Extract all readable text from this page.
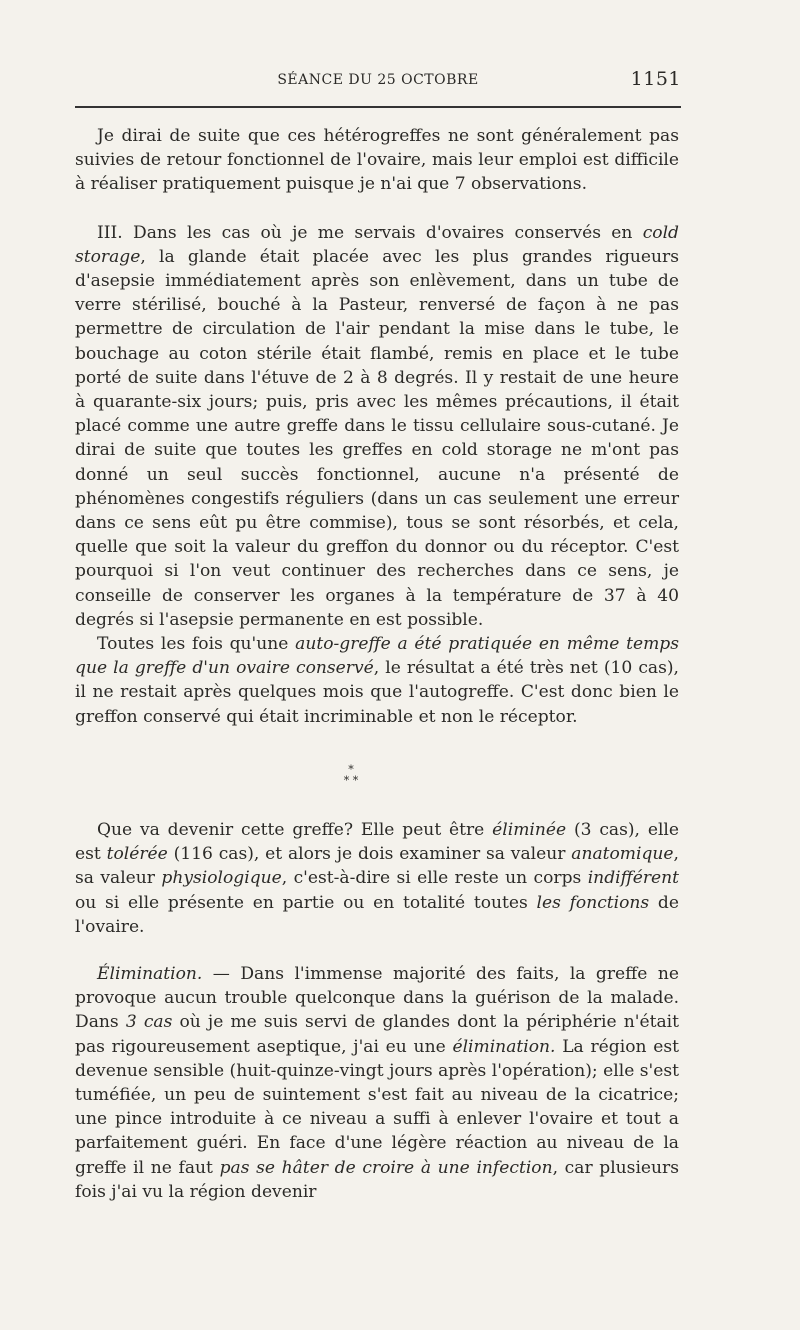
SÉANCE DU 25 OCTOBRE	1151

Je dirai de suite que ces hétérogreffes ne sont généralement pas suivies de retour fonctionnel de l'ovaire, mais leur emploi est difficile à réaliser pratiquement puisque je n'ai que 7 observations.

III. Dans les cas où je me servais d'ovaires conservés en cold storage, la glande était placée avec les plus grandes rigueurs d'asepsie immédiatement après son enlèvement, dans un tube de verre stérilisé, bouché à la Pasteur, renversé de façon à ne pas permettre de circulation de l'air pendant la mise dans le tube, le bouchage au coton stérile était flambé, remis en place et le tube porté de suite dans l'étuve de 2 à 8 degrés. Il y restait de une heure à quarante-six jours; puis, pris avec les mêmes précautions, il était placé comme une autre greffe dans le tissu cellulaire sous-cutané. Je dirai de suite que toutes les greffes en cold storage ne m'ont pas donné un seul succès fonctionnel, aucune n'a présenté de phénomènes congestifs réguliers (dans un cas seulement une erreur dans ce sens eût pu être commise), tous se sont résorbés, et cela, quelle que soit la valeur du greffon du donnor ou du réceptor. C'est pourquoi si l'on veut continuer des recherches dans ce sens, je conseille de conserver les organes à la température de 37 à 40 degrés si l'asepsie permanente en est possible.

Toutes les fois qu'une auto-greffe a été pratiquée en même temps que la greffe d'un ovaire conservé, le résultat a été très net (10 cas), il ne restait après quelques mois que l'autogreffe. C'est donc bien le greffon conservé qui était incriminable et non le réceptor.

*
* *

Que va devenir cette greffe? Elle peut être éliminée (3 cas), elle est tolérée (116 cas), et alors je dois examiner sa valeur anatomique, sa valeur physiologique, c'est-à-dire si elle reste un corps indifférent ou si elle présente en partie ou en totalité toutes les fonctions de l'ovaire.

Élimination. — Dans l'immense majorité des faits, la greffe ne provoque aucun trouble quelconque dans la guérison de la malade. Dans 3 cas où je me suis servi de glandes dont la périphérie n'était pas rigoureusement aseptique, j'ai eu une élimination. La région est devenue sensible (huit-quinze-vingt jours après l'opération); elle s'est tuméfiée, un peu de suintement s'est fait au niveau de la cicatrice; une pince introduite à ce niveau a suffi à enlever l'ovaire et tout a parfaitement guéri. En face d'une légère réaction au niveau de la greffe il ne faut pas se hâter de croire à une infection, car plusieurs fois j'ai vu la région devenir
